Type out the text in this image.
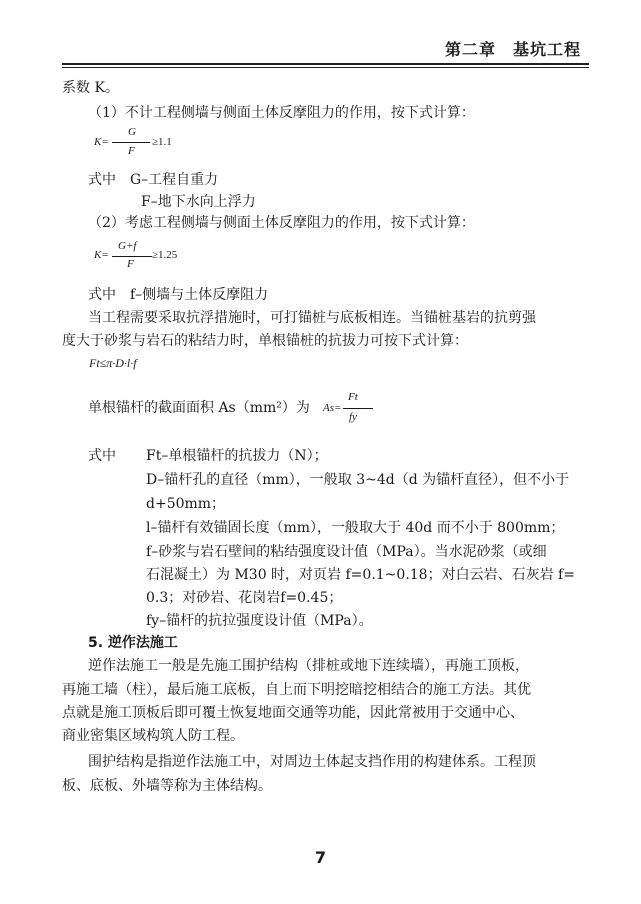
第二章　基坑工程
系数 K。
（1）不计工程侧墙与侧面土体反摩阻力的作用，按下式计算：
K=
G
F
≥1.1
式中　G–工程自重力
F–地下水向上浮力
（2）考虑工程侧墙与侧面土体反摩阻力的作用，按下式计算：
K=
G+f
F
≥1.25
式中　f–侧墙与土体反摩阻力
当工程需要采取抗浮措施时，可打锚桩与底板相连。当锚桩基岩的抗剪强
度大于砂浆与岩石的粘结力时，单根锚桩的抗拔力可按下式计算：
Ft≤π·D·l·f
单根锚杆的截面面积 As（mm²）为 As=
Ft
fy
式中 Ft–单根锚杆的抗拔力（N）；
D–锚杆孔的直径（mm），一般取 3~4d（d 为锚杆直径），但不小于
d+50mm；
l–锚杆有效锚固长度（mm），一般取大于 40d 而不小于 800mm；
f–砂浆与岩石壁间的粘结强度设计值（MPa）。当水泥砂浆（或细
石混凝土）为 M30 时，对页岩 f=0.1~0.18；对白云岩、石灰岩 f=
0.3；对砂岩、花岗岩f=0.45；
fy–锚杆的抗拉强度设计值（MPa）。
5. 逆作法施工
逆作法施工一般是先施工围护结构（排桩或地下连续墙），再施工顶板，
再施工墙（柱），最后施工底板，自上而下明挖暗挖相结合的施工方法。其优
点就是施工顶板后即可覆土恢复地面交通等功能，因此常被用于交通中心、
商业密集区域构筑人防工程。
围护结构是指逆作法施工中，对周边土体起支挡作用的构建体系。工程顶
板、底板、外墙等称为主体结构。
7
